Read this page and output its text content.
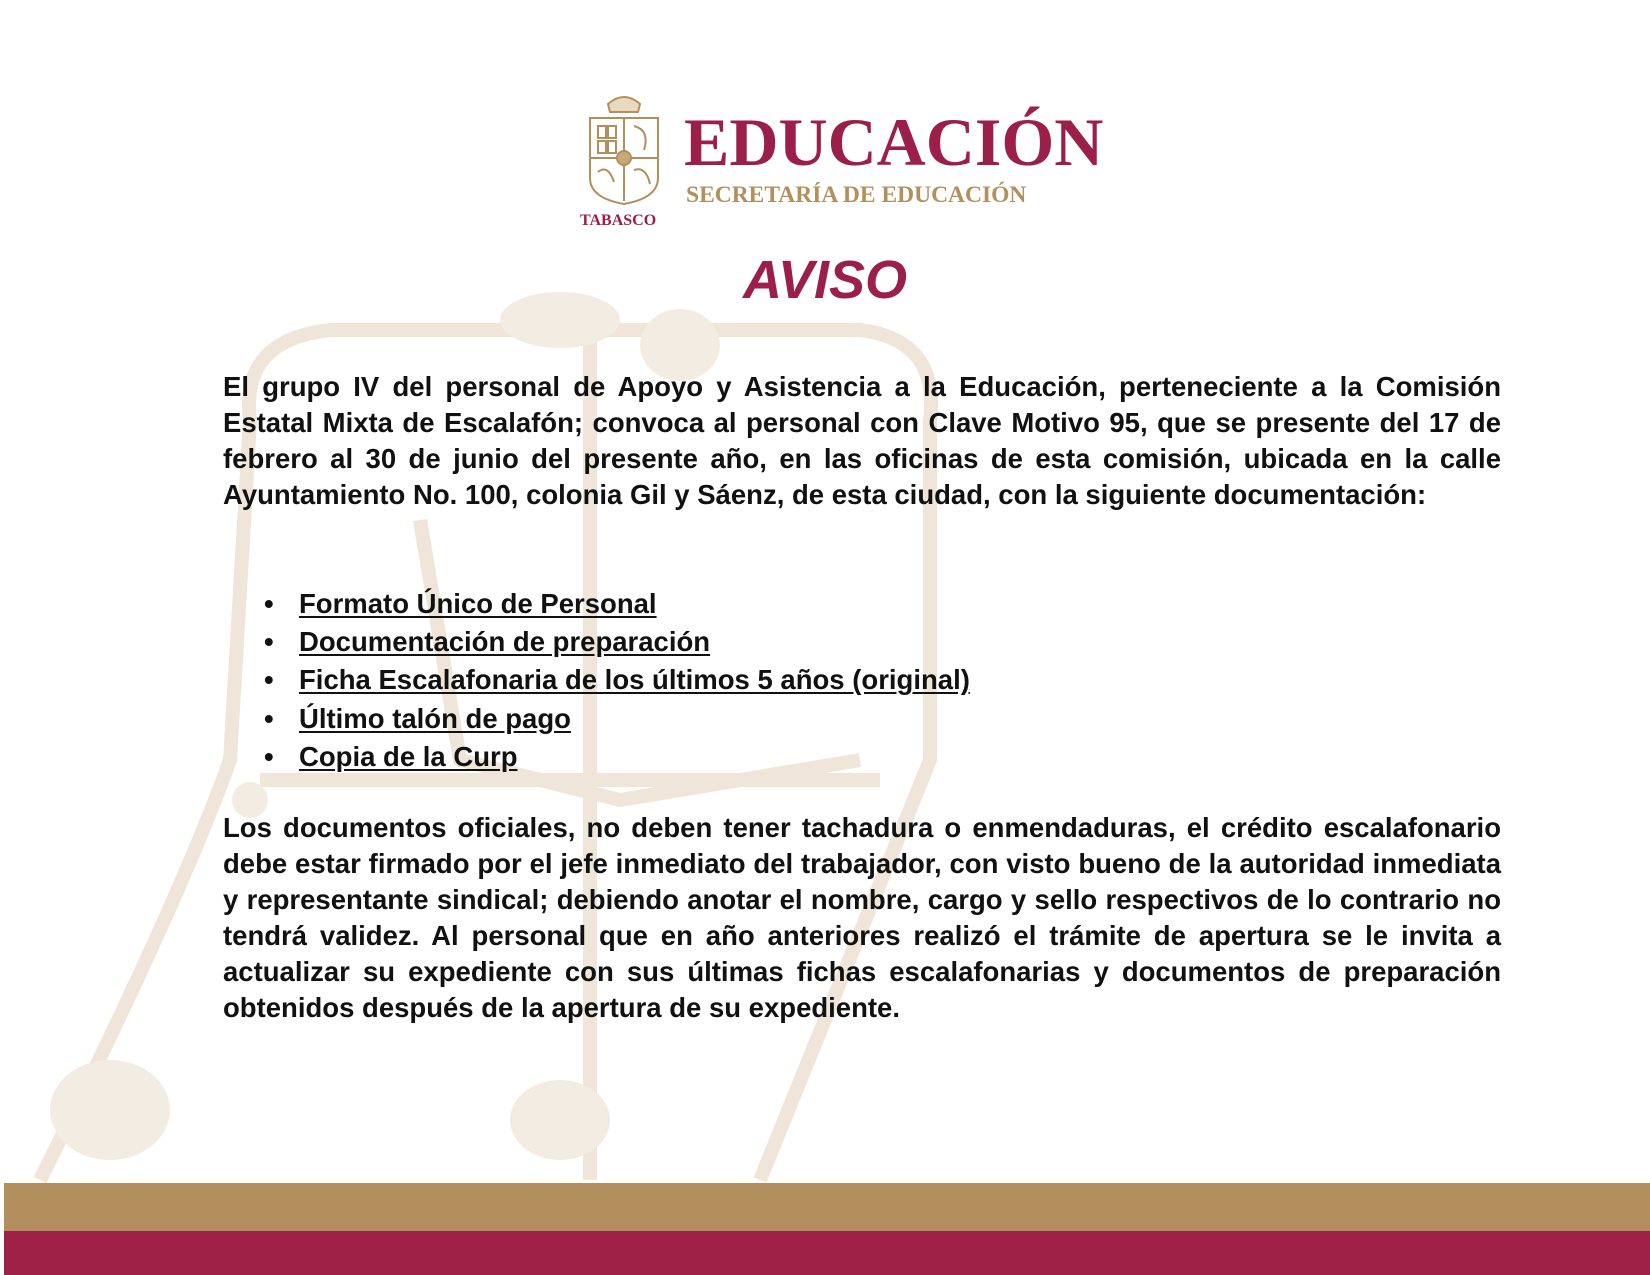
EDUCACIÓN
SECRETARÍA DE EDUCACIÓN
TABASCO
AVISO

El grupo IV del personal de Apoyo y Asistencia a la Educación, perteneciente a la Comisión Estatal Mixta de Escalafón; convoca al personal con Clave Motivo 95, que se presente del 17 de febrero al 30 de junio del presente año, en las oficinas de esta comisión, ubicada en la calle Ayuntamiento No. 100, colonia Gil y Sáenz, de esta ciudad, con la siguiente documentación:

• Formato Único de Personal
• Documentación de preparación
• Ficha Escalafonaria de los últimos 5 años (original)
• Último talón de pago
• Copia de la Curp

Los documentos oficiales, no deben tener tachadura o enmendaduras, el crédito escalafonario debe estar firmado por el jefe inmediato del trabajador, con visto bueno de la autoridad inmediata y representante sindical; debiendo anotar el nombre, cargo y sello respectivos de lo contrario no tendrá validez. Al personal que en año anteriores realizó el trámite de apertura se le invita a actualizar su expediente con sus últimas fichas escalafonarias y documentos de preparación obtenidos después de la apertura de su expediente.
